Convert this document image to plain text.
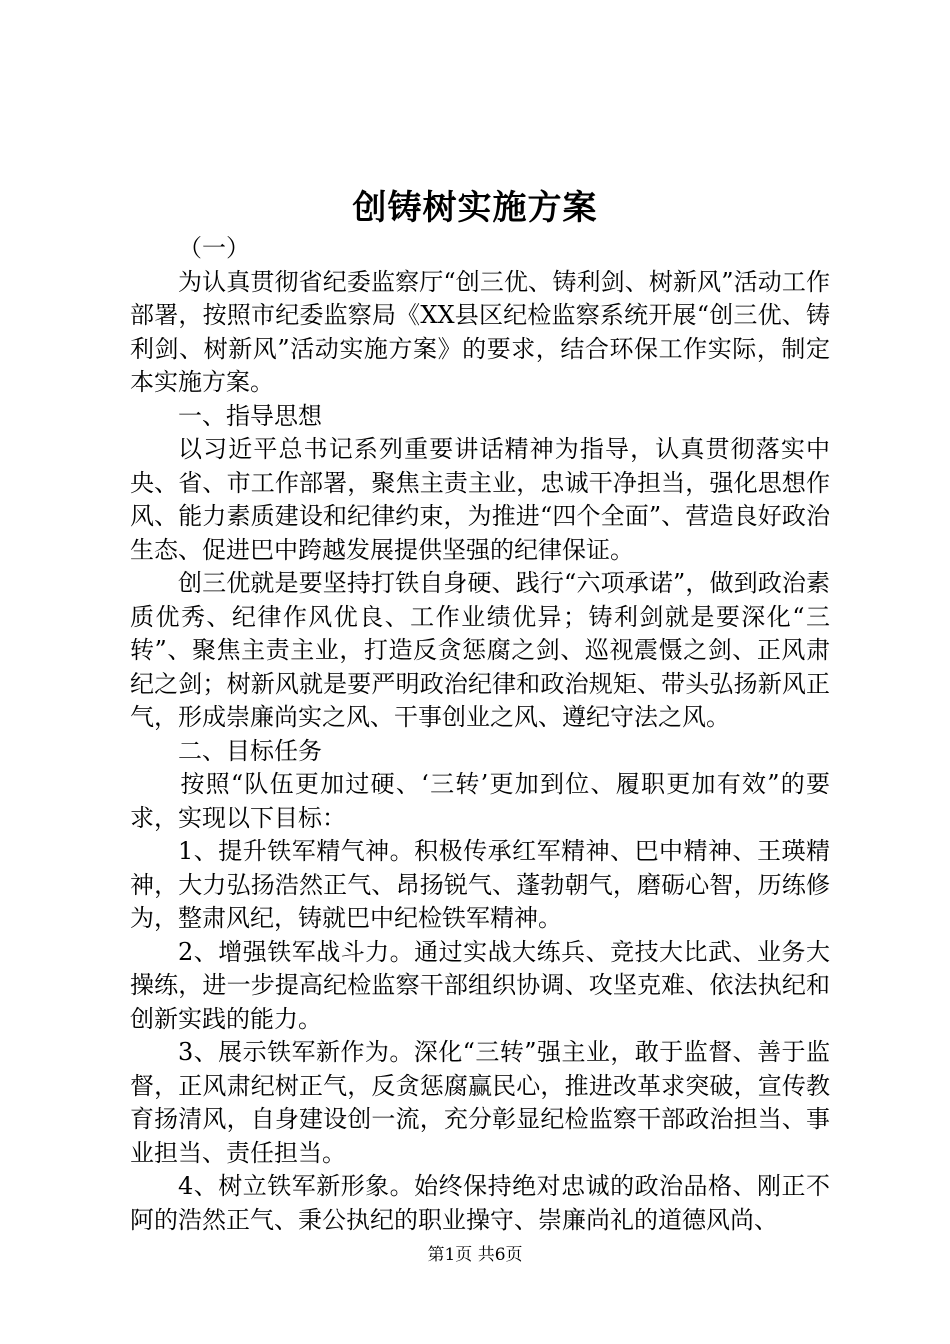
创铸树实施方案

（一）

为认真贯彻省纪委监察厅“创三优、铸利剑、树新风”活动工作部署，按照市纪委监察局《XX县区纪检监察系统开展“创三优、铸利剑、树新风”活动实施方案》的要求，结合环保工作实际，制定本实施方案。

一、指导思想

以习近平总书记系列重要讲话精神为指导，认真贯彻落实中央、省、市工作部署，聚焦主责主业，忠诚干净担当，强化思想作风、能力素质建设和纪律约束，为推进“四个全面”、营造良好政治生态、促进巴中跨越发展提供坚强的纪律保证。

创三优就是要坚持打铁自身硬、践行“六项承诺”，做到政治素质优秀、纪律作风优良、工作业绩优异；铸利剑就是要深化“三转”、聚焦主责主业，打造反贪惩腐之剑、巡视震慑之剑、正风肃纪之剑；树新风就是要严明政治纪律和政治规矩、带头弘扬新风正气，形成崇廉尚实之风、干事创业之风、遵纪守法之风。

二、目标任务

按照“队伍更加过硬、‘三转’更加到位、履职更加有效”的要求，实现以下目标：

1、提升铁军精气神。积极传承红军精神、巴中精神、王瑛精神，大力弘扬浩然正气、昂扬锐气、蓬勃朝气，磨砺心智，历练修为，整肃风纪，铸就巴中纪检铁军精神。

2、增强铁军战斗力。通过实战大练兵、竞技大比武、业务大操练，进一步提高纪检监察干部组织协调、攻坚克难、依法执纪和创新实践的能力。

3、展示铁军新作为。深化“三转”强主业，敢于监督、善于监督，正风肃纪树正气，反贪惩腐赢民心，推进改革求突破，宣传教育扬清风，自身建设创一流，充分彰显纪检监察干部政治担当、事业担当、责任担当。

4、树立铁军新形象。始终保持绝对忠诚的政治品格、刚正不阿的浩然正气、秉公执纪的职业操守、崇廉尚礼的道德风尚、

第1页 共6页
